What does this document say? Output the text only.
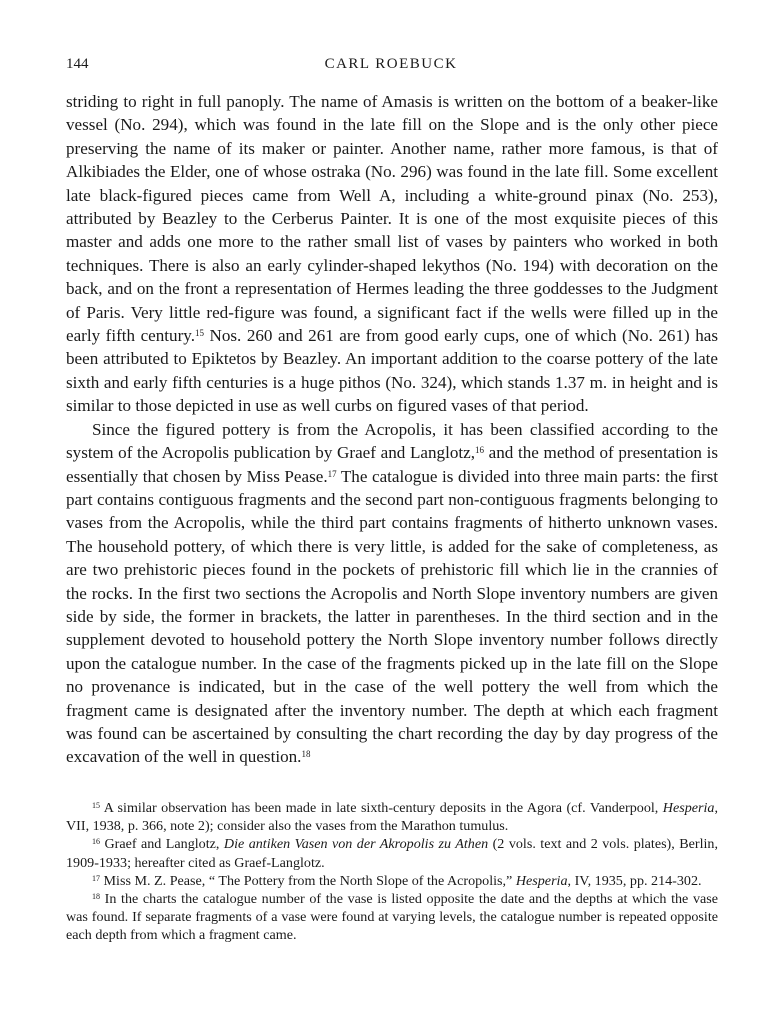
144	CARL ROEBUCK

striding to right in full panoply. The name of Amasis is written on the bottom of a beaker-like vessel (No. 294), which was found in the late fill on the Slope and is the only other piece preserving the name of its maker or painter. Another name, rather more famous, is that of Alkibiades the Elder, one of whose ostraka (No. 296) was found in the late fill. Some excellent late black-figured pieces came from Well A, including a white-ground pinax (No. 253), attributed by Beazley to the Cerberus Painter. It is one of the most exquisite pieces of this master and adds one more to the rather small list of vases by painters who worked in both techniques. There is also an early cylinder-shaped lekythos (No. 194) with decoration on the back, and on the front a representation of Hermes leading the three goddesses to the Judgment of Paris. Very little red-figure was found, a significant fact if the wells were filled up in the early fifth century.$^{15}$ Nos. 260 and 261 are from good early cups, one of which (No. 261) has been attributed to Epiktetos by Beazley. An important addition to the coarse pottery of the late sixth and early fifth centuries is a huge pithos (No. 324), which stands 1.37 m. in height and is similar to those depicted in use as well curbs on figured vases of that period.

Since the figured pottery is from the Acropolis, it has been classified according to the system of the Acropolis publication by Graef and Langlotz,$^{16}$ and the method of presentation is essentially that chosen by Miss Pease.$^{17}$ The catalogue is divided into three main parts: the first part contains contiguous fragments and the second part non-contiguous fragments belonging to vases from the Acropolis, while the third part contains fragments of hitherto unknown vases. The household pottery, of which there is very little, is added for the sake of completeness, as are two prehistoric pieces found in the pockets of prehistoric fill which lie in the crannies of the rocks. In the first two sections the Acropolis and North Slope inventory numbers are given side by side, the former in brackets, the latter in parentheses. In the third section and in the supplement devoted to household pottery the North Slope inventory number follows directly upon the catalogue number. In the case of the fragments picked up in the late fill on the Slope no provenance is indicated, but in the case of the well pottery the well from which the fragment came is designated after the inventory number. The depth at which each fragment was found can be ascertained by consulting the chart recording the day by day progress of the excavation of the well in question.$^{18}$

$^{15}$ A similar observation has been made in late sixth-century deposits in the Agora (cf. Vanderpool, Hesperia, VII, 1938, p. 366, note 2); consider also the vases from the Marathon tumulus.

$^{16}$ Graef and Langlotz, Die antiken Vasen von der Akropolis zu Athen (2 vols. text and 2 vols. plates), Berlin, 1909-1933; hereafter cited as Graef-Langlotz.

$^{17}$ Miss M. Z. Pease, “ The Pottery from the North Slope of the Acropolis,” Hesperia, IV, 1935, pp. 214-302.

$^{18}$ In the charts the catalogue number of the vase is listed opposite the date and the depths at which the vase was found. If separate fragments of a vase were found at varying levels, the catalogue number is repeated opposite each depth from which a fragment came.
